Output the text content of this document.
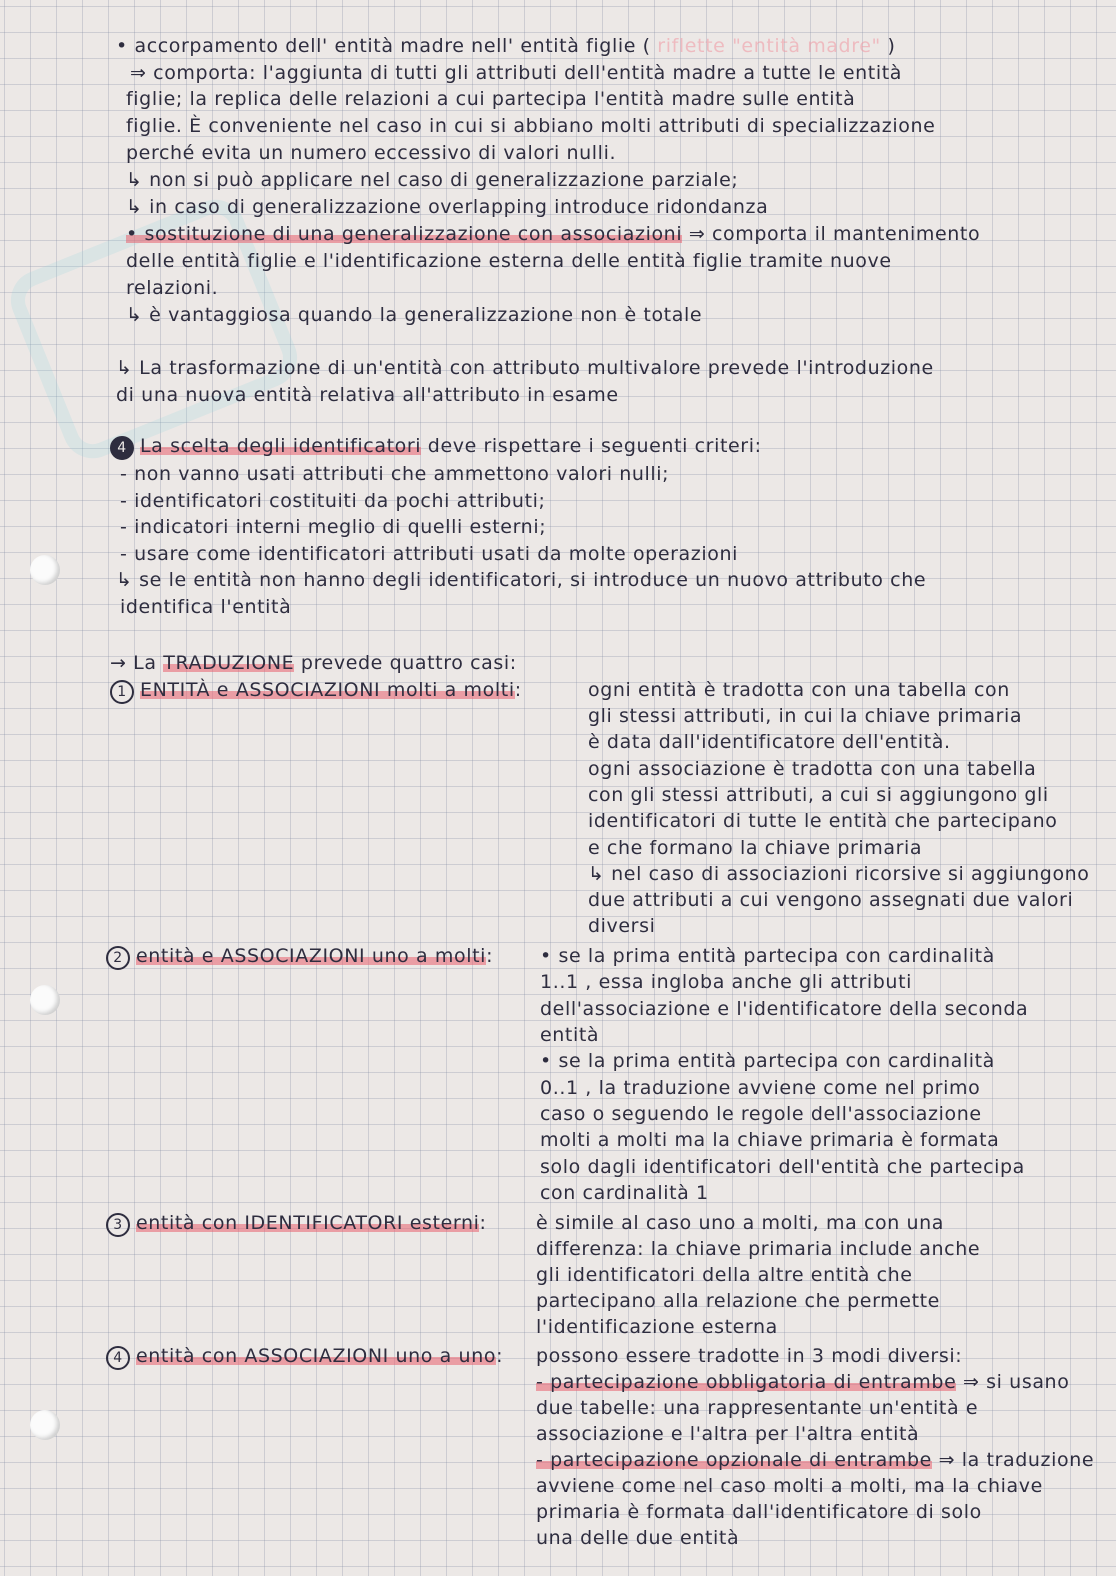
• accorpamento dell' entità madre nell' entità figlie ( riflette "entità madre" )
⇒ comporta: l'aggiunta di tutti gli attributi dell'entità madre a tutte le entità
figlie; la replica delle relazioni a cui partecipa l'entità madre sulle entità
figlie. È conveniente nel caso in cui si abbiano molti attributi di specializzazione
perché evita un numero eccessivo di valori nulli.
↳ non si può applicare nel caso di generalizzazione parziale;
↳ in caso di generalizzazione overlapping introduce ridondanza
• sostituzione di una generalizzazione con associazioni ⇒ comporta il mantenimento
delle entità figlie e l'identificazione esterna delle entità figlie tramite nuove
relazioni.
↳ è vantaggiosa quando la generalizzazione non è totale
↳ La trasformazione di un'entità con attributo multivalore prevede l'introduzione
di una nuova entità relativa all'attributo in esame
4 La scelta degli identificatori deve rispettare i seguenti criteri:
- non vanno usati attributi che ammettono valori nulli;
- identificatori costituiti da pochi attributi;
- indicatori interni meglio di quelli esterni;
- usare come identificatori attributi usati da molte operazioni
↳ se le entità non hanno degli identificatori, si introduce un nuovo attributo che
identifica l'entità
→ La TRADUZIONE prevede quattro casi:
1 ENTITÀ e ASSOCIAZIONI molti a molti:	ogni entità è tradotta con una tabella con
gli stessi attributi, in cui la chiave primaria
è data dall'identificatore dell'entità.
ogni associazione è tradotta con una tabella
con gli stessi attributi, a cui si aggiungono gli
identificatori di tutte le entità che partecipano
e che formano la chiave primaria
↳ nel caso di associazioni ricorsive si aggiungono
due attributi a cui vengono assegnati due valori
diversi
2 entità e ASSOCIAZIONI uno a molti: • se la prima entità partecipa con cardinalità
1..1 , essa ingloba anche gli attributi
dell'associazione e l'identificatore della seconda
entità
• se la prima entità partecipa con cardinalità
0..1 , la traduzione avviene come nel primo
caso o seguendo le regole dell'associazione
molti a molti ma la chiave primaria è formata
solo dagli identificatori dell'entità che partecipa
con cardinalità 1
3 entità con IDENTIFICATORI esterni:	è simile al caso uno a molti, ma con una
differenza: la chiave primaria include anche
gli identificatori della altre entità che
partecipano alla relazione che permette
l'identificazione esterna
4 entità con ASSOCIAZIONI uno a uno: possono essere tradotte in 3 modi diversi:
- partecipazione obbligatoria di entrambe ⇒ si usano
due tabelle: una rappresentante un'entità e
associazione e l'altra per l'altra entità
- partecipazione opzionale di entrambe ⇒ la traduzione
avviene come nel caso molti a molti, ma la chiave
primaria è formata dall'identificatore di solo
una delle due entità
